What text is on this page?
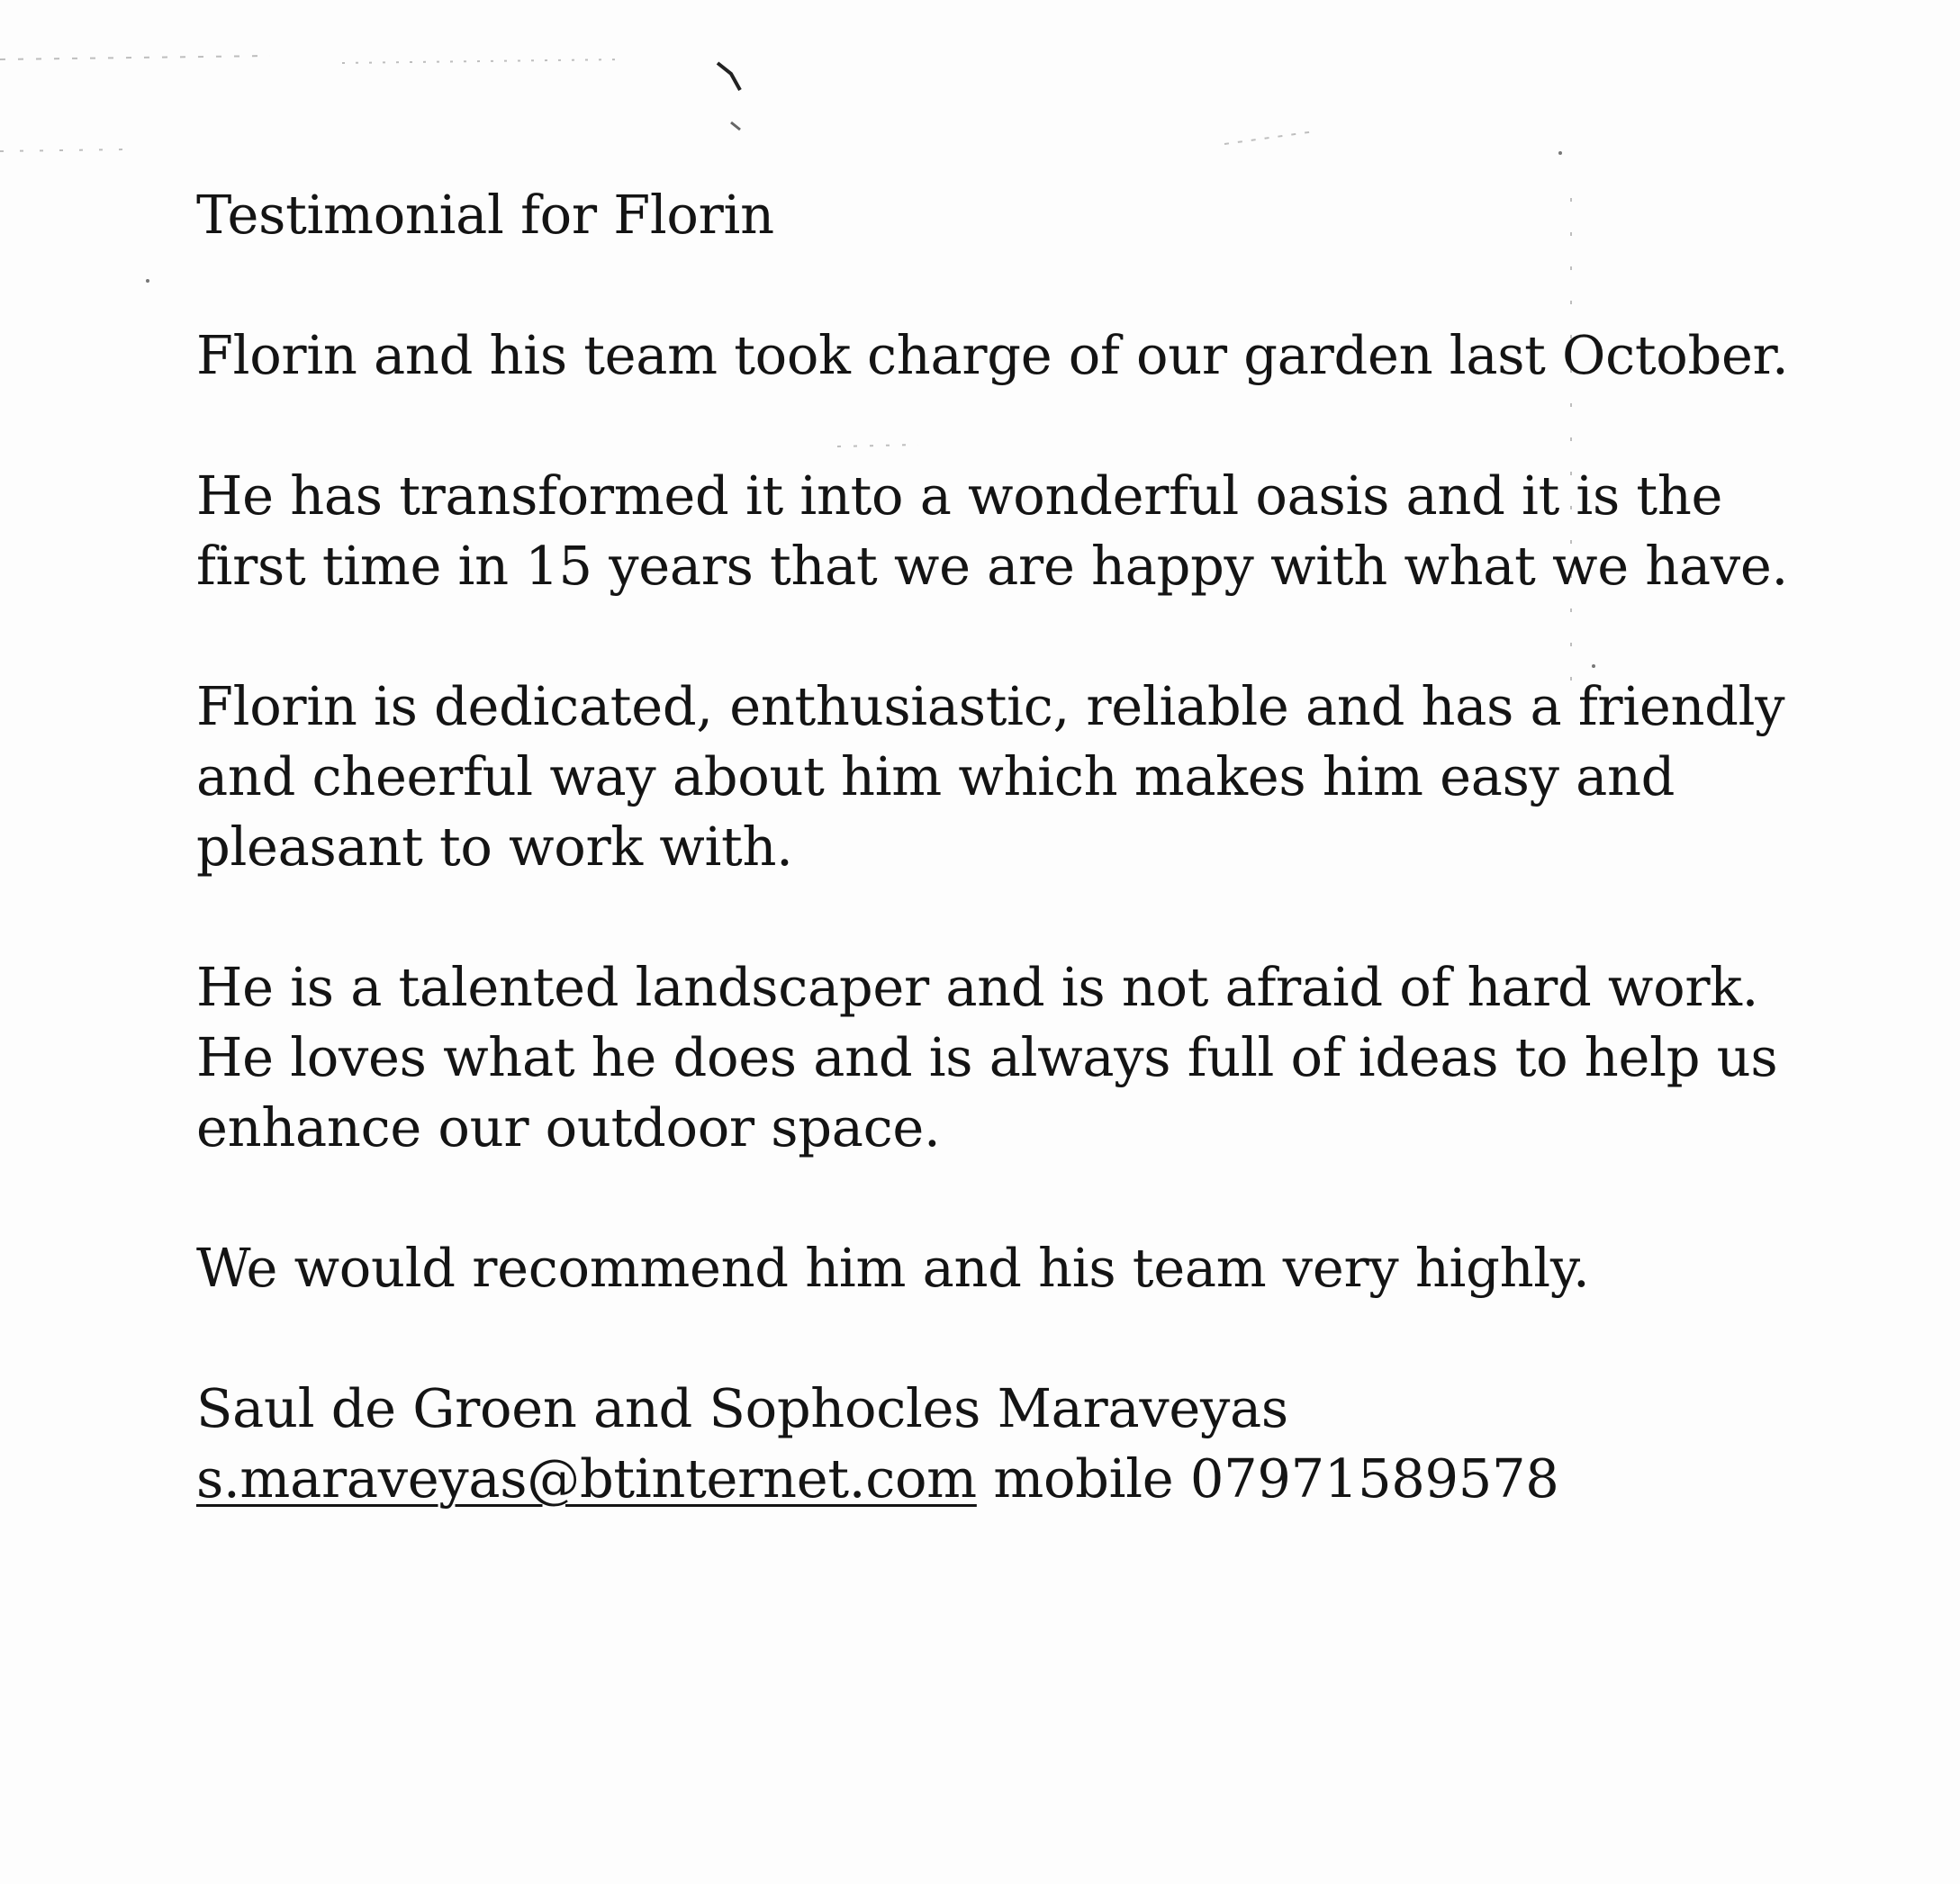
Testimonial for Florin
Florin and his team took charge of our garden last October.
He has transformed it into a wonderful oasis and it is the
first time in 15 years that we are happy with what we have.
Florin is dedicated, enthusiastic, reliable and has a friendly
and cheerful way about him which makes him easy and
pleasant to work with.
He is a talented landscaper and is not afraid of hard work.
He loves what he does and is always full of ideas to help us
enhance our outdoor space.
We would recommend him and his team very highly.
Saul de Groen and Sophocles Maraveyas
s.maraveyas@btinternet.com mobile 07971589578
